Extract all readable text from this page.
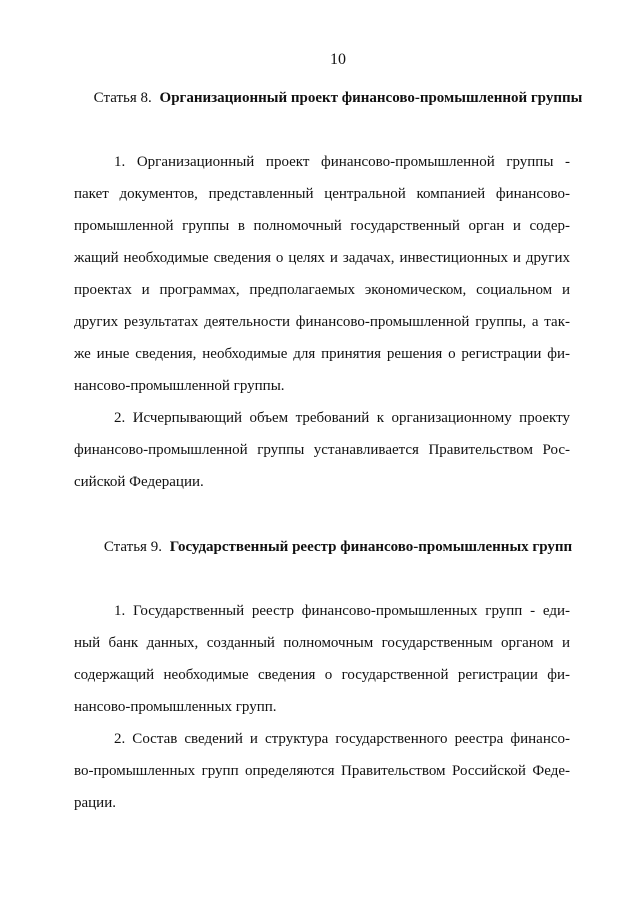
10
Статья 8. Организационный проект финансово-промышленной группы
1. Организационный проект финансово-промышленной группы -
пакет документов, представленный центральной компанией финансово-
промышленной группы в полномочный государственный орган и содер-
жащий необходимые сведения о целях и задачах, инвестиционных и других
проектах и программах, предполагаемых экономическом, социальном и
других результатах деятельности финансово-промышленной группы, а так-
же иные сведения, необходимые для принятия решения о регистрации фи-
нансово-промышленной группы.
2. Исчерпывающий объем требований к организационному проекту
финансово-промышленной группы устанавливается Правительством Рос-
сийской Федерации.
Статья 9. Государственный реестр финансово-промышленных групп
1. Государственный реестр финансово-промышленных групп - еди-
ный банк данных, созданный полномочным государственным органом и
содержащий необходимые сведения о государственной регистрации фи-
нансово-промышленных групп.
2. Состав сведений и структура государственного реестра финансо-
во-промышленных групп определяются Правительством Российской Феде-
рации.
